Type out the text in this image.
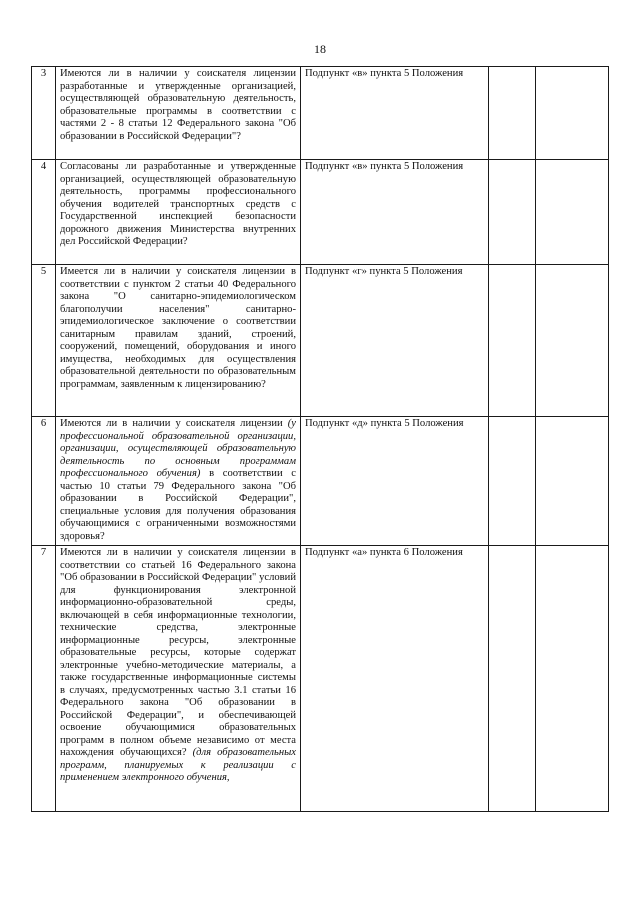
18
3	Имеются ли в наличии у соискателя лицензии разработанные и утвержденные организацией, осуществляющей образовательную деятельность, образовательные программы в соответствии с частями 2 - 8 статьи 12 Федерального закона "Об образовании в Российской Федерации"?	Подпункт «в» пункта 5 Положения		
4	Согласованы ли разработанные и утвержденные организацией, осуществляющей образовательную деятельность, программы профессионального обучения водителей транспортных средств с Государственной инспекцией безопасности дорожного движения Министерства внутренних дел Российской Федерации?	Подпункт «в» пункта 5 Положения		
5	Имеется ли в наличии у соискателя лицензии в соответствии с пунктом 2 статьи 40 Федерального закона "О санитарно-эпидемиологическом благополучии населения" санитарно-эпидемиологическое заключение о соответствии санитарным правилам зданий, строений, сооружений, помещений, оборудования и иного имущества, необходимых для осуществления образовательной деятельности по образовательным программам, заявленным к лицензированию?	Подпункт «г» пункта 5 Положения		
6	Имеются ли в наличии у соискателя лицензии (у профессиональной образовательной организации, организации, осуществляющей образовательную деятельность по основным программам профессионального обучения) в соответствии с частью 10 статьи 79 Федерального закона "Об образовании в Российской Федерации", специальные условия для получения образования обучающимися с ограниченными возможностями здоровья?	Подпункт «д» пункта 5 Положения		
7	Имеются ли в наличии у соискателя лицензии в соответствии со статьей 16 Федерального закона "Об образовании в Российской Федерации" условий для функционирования электронной информационно-образовательной среды, включающей в себя информационные технологии, технические средства, электронные информационные ресурсы, электронные образовательные ресурсы, которые содержат электронные учебно-методические материалы, а также государственные информационные системы в случаях, предусмотренных частью 3.1 статьи 16 Федерального закона "Об образовании в Российской Федерации", и обеспечивающей освоение обучающимися образовательных программ в полном объеме независимо от места нахождения обучающихся? (для образовательных программ, планируемых к реализации с применением электронного обучения,	Подпункт «а» пункта 6 Положения		
